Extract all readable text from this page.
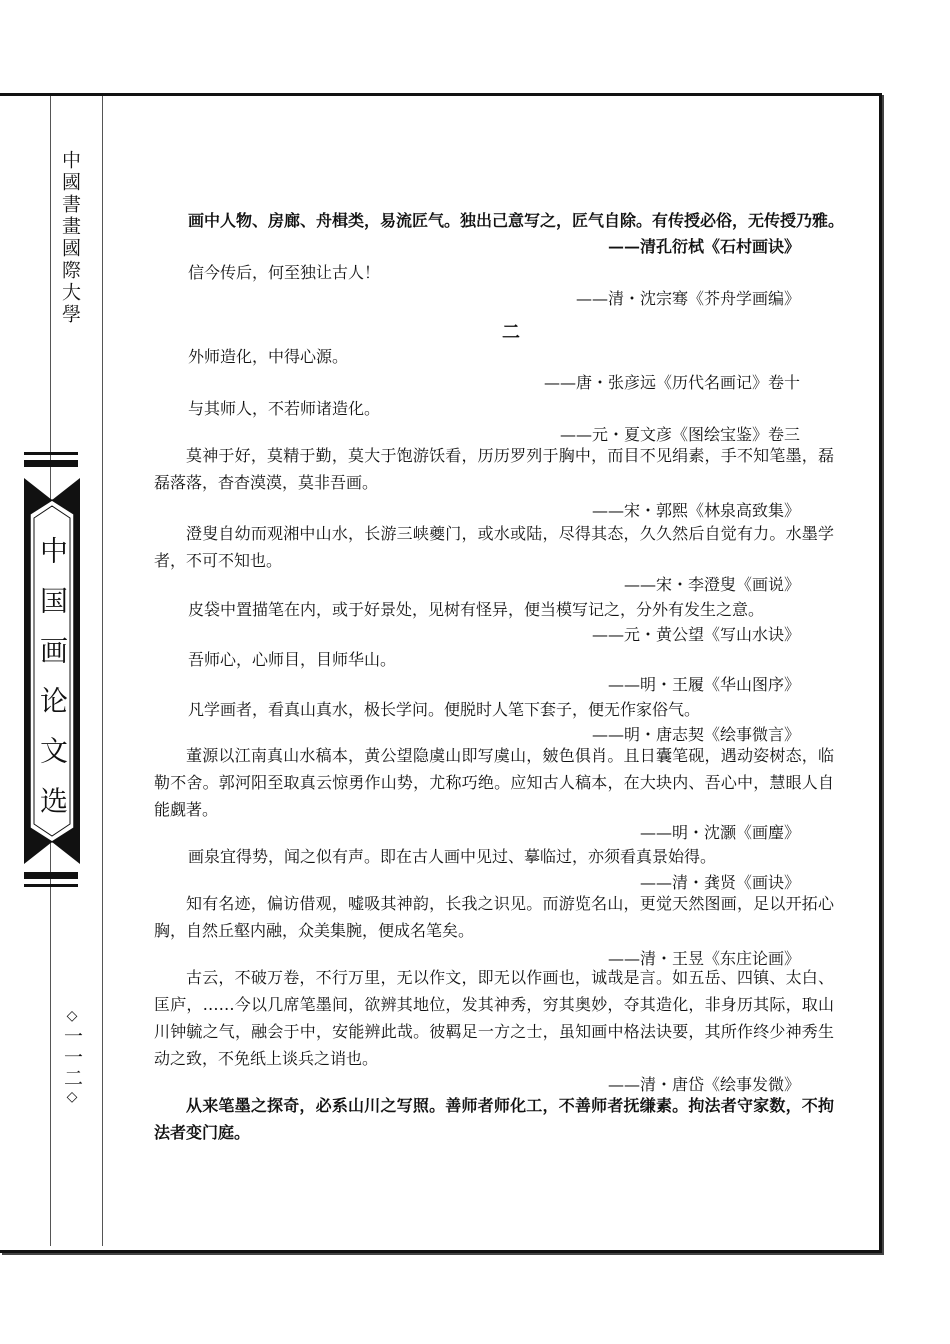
中國書畫國際大學
中国画论文选
◇一一二◇
画中人物、房廊、舟楫类，易流匠气。独出己意写之，匠气自除。有传授必俗，无传授乃雅。
——清孔衍栻《石村画诀》
信今传后，何至独让古人！
——清・沈宗骞《芥舟学画编》
二
外师造化，中得心源。
——唐・张彦远《历代名画记》卷十
与其师人，不若师诸造化。
——元・夏文彦《图绘宝鉴》卷三
莫神于好，莫精于勤，莫大于饱游饫看，历历罗列于胸中，而目不见绢素，手不知笔墨，磊磊落落，杳杳漠漠，莫非吾画。
——宋・郭熙《林泉高致集》
澄叟自幼而观湘中山水，长游三峡夔门，或水或陆，尽得其态，久久然后自觉有力。水墨学者，不可不知也。
——宋・李澄叟《画说》
皮袋中置描笔在内，或于好景处，见树有怪异，便当模写记之，分外有发生之意。
——元・黄公望《写山水诀》
吾师心，心师目，目师华山。
——明・王履《华山图序》
凡学画者，看真山真水，极长学问。便脱时人笔下套子，便无作家俗气。
——明・唐志契《绘事微言》
董源以江南真山水稿本，黄公望隐虞山即写虞山，皴色俱肖。且日囊笔砚，遇动姿树态，临勒不舍。郭河阳至取真云惊勇作山势，尤称巧绝。应知古人稿本，在大块内、吾心中，慧眼人自能觑著。
——明・沈灏《画麈》
画泉宜得势，闻之似有声。即在古人画中见过、摹临过，亦须看真景始得。
——清・龚贤《画诀》
知有名迹，偏访借观，嘘吸其神韵，长我之识见。而游览名山，更觉天然图画，足以开拓心胸，自然丘壑内融，众美集腕，便成名笔矣。
——清・王昱《东庄论画》
古云，不破万卷，不行万里，无以作文，即无以作画也，诚哉是言。如五岳、四镇、太白、匡庐，……今以几席笔墨间，欲辨其地位，发其神秀，穷其奥妙，夺其造化，非身历其际，取山川钟毓之气，融会于中，安能辨此哉。彼羁足一方之士，虽知画中格法诀要，其所作终少神秀生动之致，不免纸上谈兵之诮也。
——清・唐岱《绘事发微》
从来笔墨之探奇，必系山川之写照。善师者师化工，不善师者抚缣素。拘法者守家数，不拘法者变门庭。
